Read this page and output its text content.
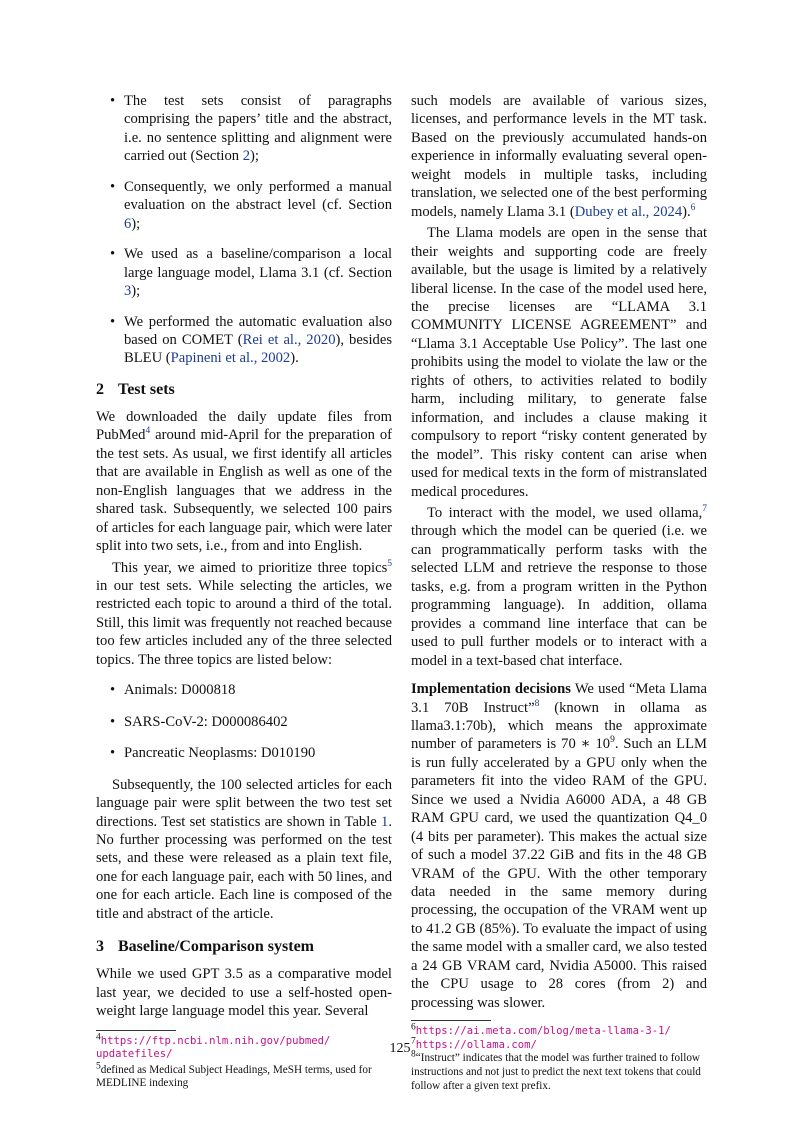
• The test sets consist of paragraphs comprising the papers’ title and the abstract, i.e. no sentence splitting and alignment were carried out (Section 2);
• Consequently, we only performed a manual evaluation on the abstract level (cf. Section 6);
• We used as a baseline/comparison a local large language model, Llama 3.1 (cf. Section 3);
• We performed the automatic evaluation also based on COMET (Rei et al., 2020), besides BLEU (Papineni et al., 2002).
2 Test sets

We downloaded the daily update files from PubMed$^4$ around mid-April for the preparation of the test sets. As usual, we first identify all articles that are available in English as well as one of the non-English languages that we address in the shared task. Subsequently, we selected 100 pairs of articles for each language pair, which were later split into two sets, i.e., from and into English.

This year, we aimed to prioritize three topics$^5$ in our test sets. While selecting the articles, we restricted each topic to around a third of the total. Still, this limit was frequently not reached because too few articles included any of the three selected topics. The three topics are listed below:

• Animals: D000818
• SARS-CoV-2: D000086402
• Pancreatic Neoplasms: D010190

Subsequently, the 100 selected articles for each language pair were split between the two test set directions. Test set statistics are shown in Table 1. No further processing was performed on the test sets, and these were released as a plain text file, one for each language pair, each with 50 lines, and one for each article. Each line is composed of the title and abstract of the article.

3 Baseline/Comparison system

While we used GPT 3.5 as a comparative model last year, we decided to use a self-hosted open-weight large language model this year. Several

$^4$https://ftp.ncbi.nlm.nih.gov/pubmed/ updatefiles/
$^5$defined as Medical Subject Headings, MeSH terms, used for MEDLINE indexing

such models are available of various sizes, licenses, and performance levels in the MT task. Based on the previously accumulated hands-on experience in informally evaluating several open-weight models in multiple tasks, including translation, we selected one of the best performing models, namely Llama 3.1 (Dubey et al., 2024).$^6$

The Llama models are open in the sense that their weights and supporting code are freely available, but the usage is limited by a relatively liberal license. In the case of the model used here, the precise licenses are “LLAMA 3.1 COMMUNITY LICENSE AGREEMENT” and “Llama 3.1 Acceptable Use Policy”. The last one prohibits using the model to violate the law or the rights of others, to activities related to bodily harm, including military, to generate false information, and includes a clause making it compulsory to report “risky content generated by the model”. This risky content can arise when used for medical texts in the form of mistranslated medical procedures.

To interact with the model, we used ollama,$^7$ through which the model can be queried (i.e. we can programmatically perform tasks with the selected LLM and retrieve the response to those tasks, e.g. from a program written in the Python programming language). In addition, ollama provides a command line interface that can be used to pull further models or to interact with a model in a text-based chat interface.

Implementation decisions We used “Meta Llama 3.1 70B Instruct”$^8$ (known in ollama as llama3.1:70b), which means the approximate number of parameters is 70 ∗ $10^9$. Such an LLM is run fully accelerated by a GPU only when the parameters fit into the video RAM of the GPU. Since we used a Nvidia A6000 ADA, a 48 GB RAM GPU card, we used the quantization Q4_0 (4 bits per parameter). This makes the actual size of such a model 37.22 GiB and fits in the 48 GB VRAM of the GPU. With the other temporary data needed in the same memory during processing, the occupation of the VRAM went up to 41.2 GB (85%). To evaluate the impact of using the same model with a smaller card, we also tested a 24 GB VRAM card, Nvidia A5000. This raised the CPU usage to 28 cores (from 2) and processing was slower.

$^6$https://ai.meta.com/blog/meta-llama-3-1/
$^7$https://ollama.com/
$^8$“Instruct” indicates that the model was further trained to follow instructions and not just to predict the next text tokens that could follow after a given text prefix.
125
